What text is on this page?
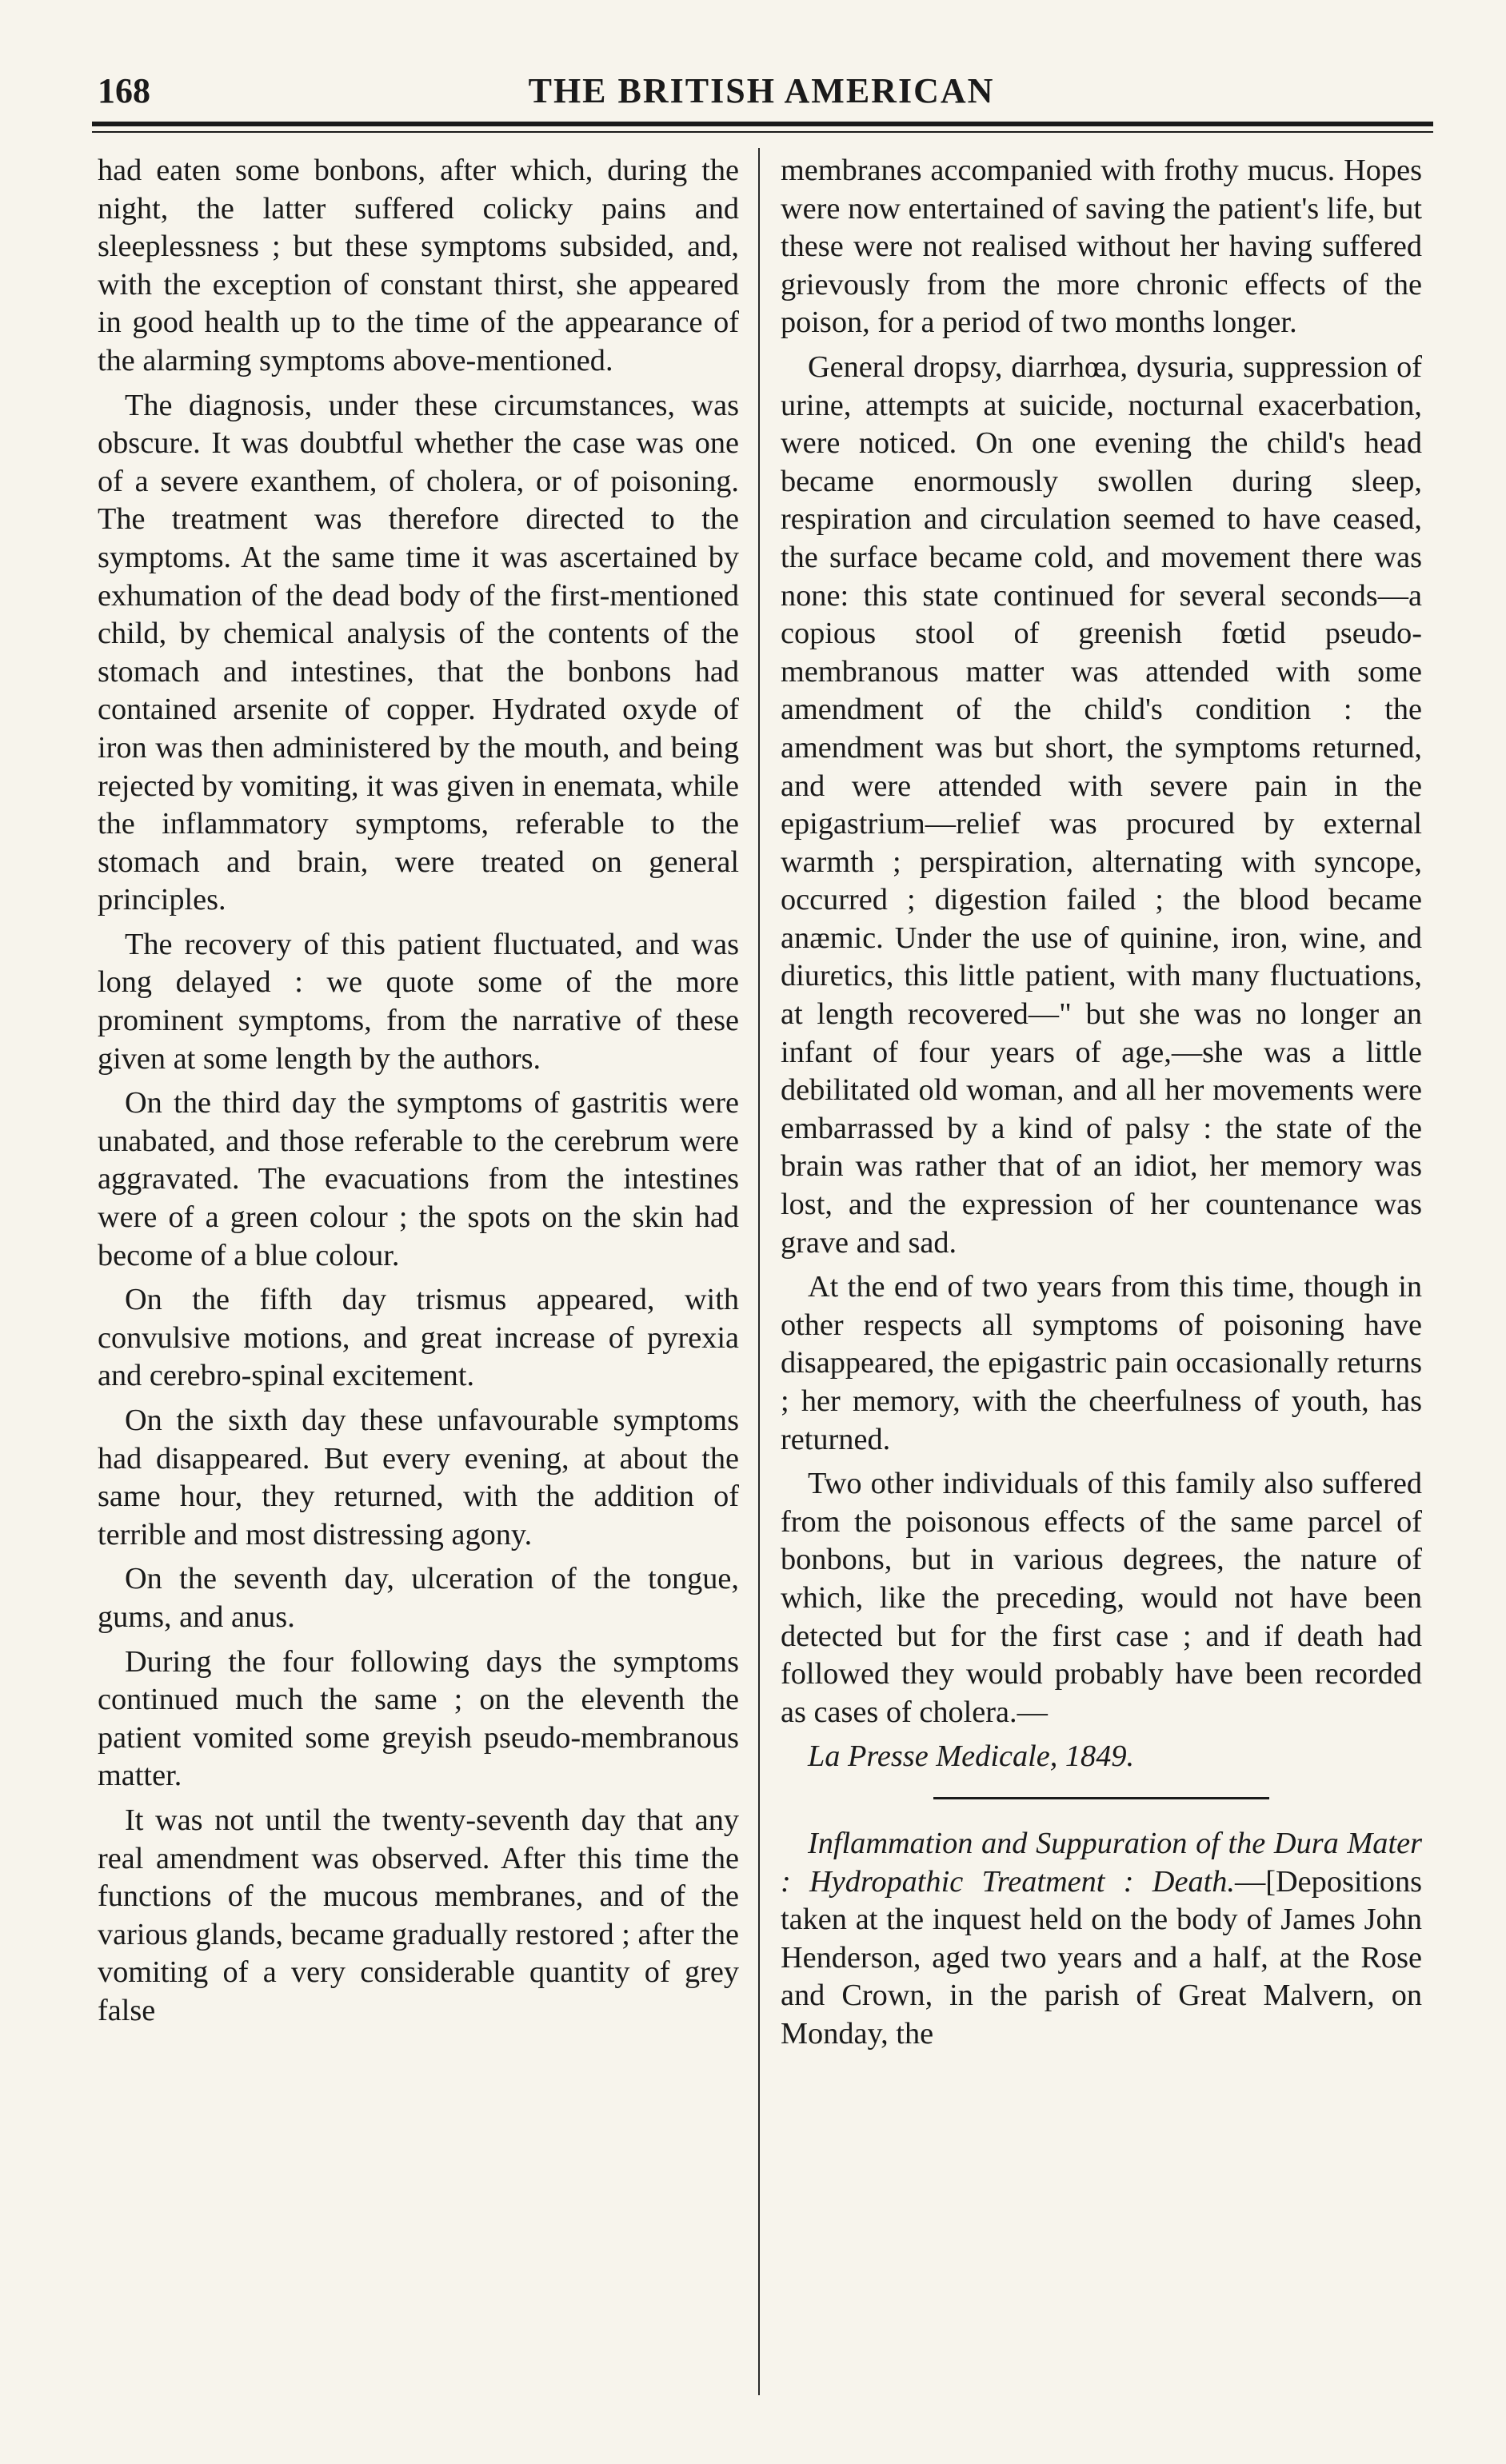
168	THE BRITISH AMERICAN

had eaten some bonbons, after which, during the night, the latter suffered colicky pains and sleeplessness ; but these symptoms subsided, and, with the exception of constant thirst, she appeared in good health up to the time of the appearance of the alarming symptoms above-mentioned.

The diagnosis, under these circumstances, was obscure. It was doubtful whether the case was one of a severe exanthem, of cholera, or of poisoning. The treatment was therefore directed to the symptoms. At the same time it was ascertained by exhumation of the dead body of the first-mentioned child, by chemical analysis of the contents of the stomach and intestines, that the bonbons had contained arsenite of copper. Hydrated oxyde of iron was then administered by the mouth, and being rejected by vomiting, it was given in enemata, while the inflammatory symptoms, referable to the stomach and brain, were treated on general principles.

The recovery of this patient fluctuated, and was long delayed : we quote some of the more prominent symptoms, from the narrative of these given at some length by the authors.

On the third day the symptoms of gastritis were unabated, and those referable to the cerebrum were aggravated. The evacuations from the intestines were of a green colour ; the spots on the skin had become of a blue colour.

On the fifth day trismus appeared, with convulsive motions, and great increase of pyrexia and cerebro-spinal excitement.

On the sixth day these unfavourable symptoms had disappeared. But every evening, at about the same hour, they returned, with the addition of terrible and most distressing agony.

On the seventh day, ulceration of the tongue, gums, and anus.

During the four following days the symptoms continued much the same ; on the eleventh the patient vomited some greyish pseudo-membranous matter.

It was not until the twenty-seventh day that any real amendment was observed. After this time the functions of the mucous membranes, and of the various glands, became gradually restored ; after the vomiting of a very considerable quantity of grey false

membranes accompanied with frothy mucus. Hopes were now entertained of saving the patient's life, but these were not realised without her having suffered grievously from the more chronic effects of the poison, for a period of two months longer.

General dropsy, diarrhœa, dysuria, suppression of urine, attempts at suicide, nocturnal exacerbation, were noticed. On one evening the child's head became enormously swollen during sleep, respiration and circulation seemed to have ceased, the surface became cold, and movement there was none: this state continued for several seconds—a copious stool of greenish fœtid pseudo-membranous matter was attended with some amendment of the child's condition : the amendment was but short, the symptoms returned, and were attended with severe pain in the epigastrium—relief was procured by external warmth ; perspiration, alternating with syncope, occurred ; digestion failed ; the blood became anæmic. Under the use of quinine, iron, wine, and diuretics, this little patient, with many fluctuations, at length recovered—" but she was no longer an infant of four years of age,—she was a little debilitated old woman, and all her movements were embarrassed by a kind of palsy : the state of the brain was rather that of an idiot, her memory was lost, and the expression of her countenance was grave and sad.

At the end of two years from this time, though in other respects all symptoms of poisoning have disappeared, the epigastric pain occasionally returns ; her memory, with the cheerfulness of youth, has returned.

Two other individuals of this family also suffered from the poisonous effects of the same parcel of bonbons, but in various degrees, the nature of which, like the preceding, would not have been detected but for the first case ; and if death had followed they would probably have been recorded as cases of cholera.—

La Presse Medicale, 1849.

Inflammation and Suppuration of the Dura Mater : Hydropathic Treatment : Death.—[Depositions taken at the inquest held on the body of James John Henderson, aged two years and a half, at the Rose and Crown, in the parish of Great Malvern, on Monday, the
